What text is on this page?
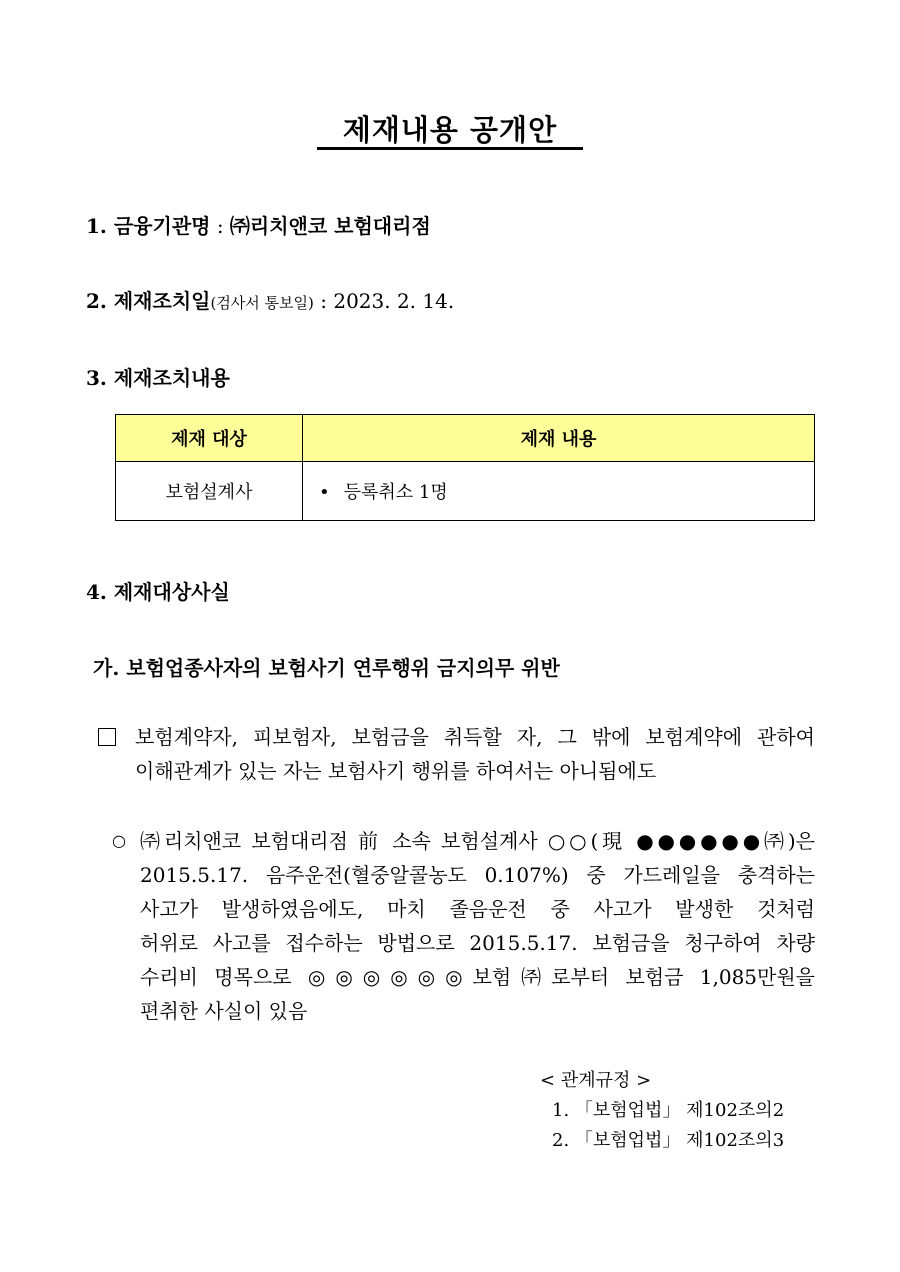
제재내용 공개안
1. 금융기관명 : ㈜리치앤코 보험대리점
2. 제재조치일(검사서 통보일) : 2023. 2. 14.
3. 제재조치내용
제재 대상	제재 내용
보험설계사	• 등록취소 1명
4. 제재대상사실
가. 보험업종사자의 보험사기 연루행위 금지의무 위반
보험계약자, 피보험자, 보험금을 취득할 자, 그 밖에 보험계약에 관하여
이해관계가 있는 자는 보험사기 행위를 하여서는 아니됨에도
○ ㈜리치앤코 보험대리점 前 소속 보험설계사 ○○(現 ●●●●●●㈜)은
2015.5.17. 음주운전(혈중알콜농도 0.107%) 중 가드레일을 충격하는
사고가 발생하였음에도, 마치 졸음운전 중 사고가 발생한 것처럼
허위로 사고를 접수하는 방법으로 2015.5.17. 보험금을 청구하여 차량
수리비 명목으로 ◎◎◎◎◎◎보험㈜로부터 보험금 1,085만원을
편취한 사실이 있음
< 관계규정 >
1. 「보험업법」 제102조의2
2. 「보험업법」 제102조의3
